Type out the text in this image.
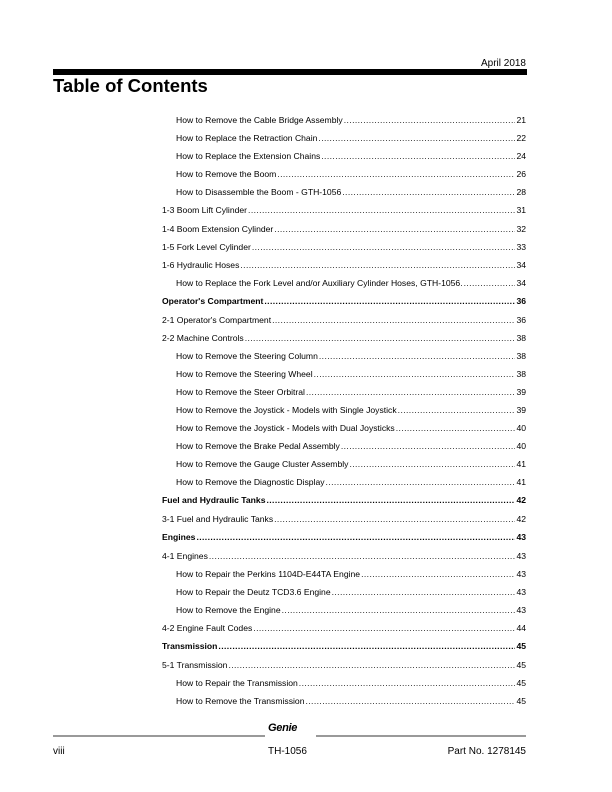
April 2018
Table of Contents
How to Remove the Cable Bridge Assembly .....	21
How to Replace the Retraction Chain .....	22
How to Replace the Extension Chains .....	24
How to Remove the Boom .....	26
How to Disassemble the Boom - GTH-1056 .....	28
1-3 Boom Lift Cylinder .....	31
1-4 Boom Extension Cylinder .....	32
1-5 Fork Level Cylinder .....	33
1-6 Hydraulic Hoses .....	34
How to Replace the Fork Level and/or Auxiliary Cylinder Hoses, GTH-1056. .....	34
Operator's Compartment .....	36
2-1 Operator's Compartment .....	36
2-2 Machine Controls .....	38
How to Remove the Steering Column .....	38
How to Remove the Steering Wheel .....	38
How to Remove the Steer Orbitral .....	39
How to Remove the Joystick - Models with Single Joystick .....	39
How to Remove the Joystick - Models with Dual Joysticks .....	40
How to Remove the Brake Pedal Assembly .....	40
How to Remove the Gauge Cluster Assembly .....	41
How to Remove the Diagnostic Display .....	41
Fuel and Hydraulic Tanks .....	42
3-1 Fuel and Hydraulic Tanks .....	42
Engines .....	43
4-1 Engines .....	43
How to Repair the Perkins 1104D-E44TA Engine .....	43
How to Repair the Deutz TCD3.6 Engine .....	43
How to Remove the Engine .....	43
4-2 Engine Fault Codes .....	44
Transmission .....	45
5-1 Transmission .....	45
How to Repair the Transmission .....	45
How to Remove the Transmission .....	45
Genie
viii	TH-1056	Part No. 1278145
